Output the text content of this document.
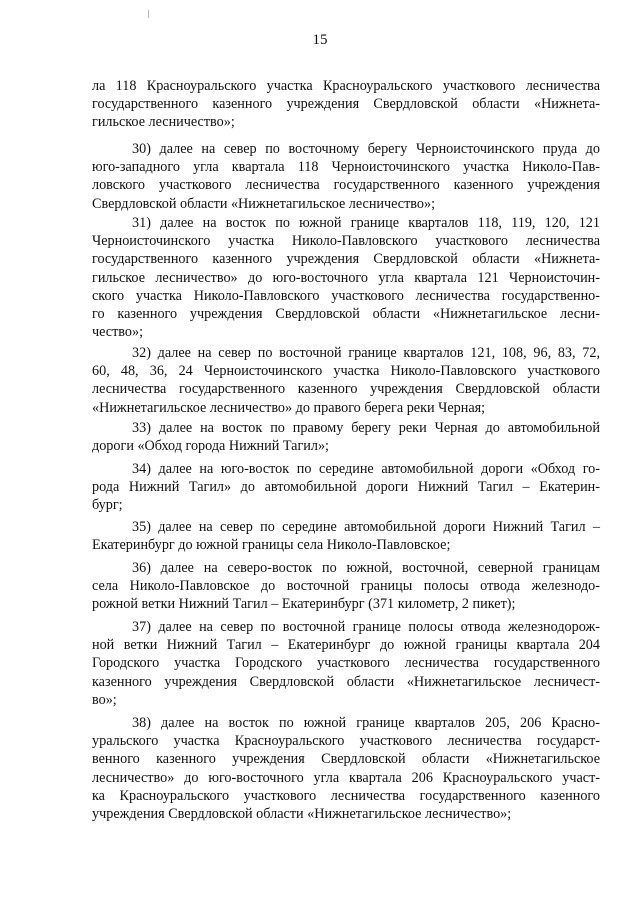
15
ла 118 Красноуральского участка Красноуральского участкового лесничества
государственного казенного учреждения Свердловской области «Нижнета-
гильское лесничество»;
30) далее на север по восточному берегу Черноисточинского пруда до
юго-западного угла квартала 118 Черноисточинского участка Николо-Пав-
ловского участкового лесничества государственного казенного учреждения
Свердловской области «Нижнетагильское лесничество»;
31) далее на восток по южной границе кварталов 118, 119, 120, 121
Черноисточинского участка Николо-Павловского участкового лесничества
государственного казенного учреждения Свердловской области «Нижнета-
гильское лесничество» до юго-восточного угла квартала 121 Черноисточин-
ского участка Николо-Павловского участкового лесничества государственно-
го казенного учреждения Свердловской области «Нижнетагильское лесни-
чество»;
32) далее на север по восточной границе кварталов 121, 108, 96, 83, 72,
60, 48, 36, 24 Черноисточинского участка Николо-Павловского участкового
лесничества государственного казенного учреждения Свердловской области
«Нижнетагильское лесничество» до правого берега реки Черная;
33) далее на восток по правому берегу реки Черная до автомобильной
дороги «Обход города Нижний Тагил»;
34) далее на юго-восток по середине автомобильной дороги «Обход го-
рода Нижний Тагил» до автомобильной дороги Нижний Тагил – Екатерин-
бург;
35) далее на север по середине автомобильной дороги Нижний Тагил –
Екатеринбург до южной границы села Николо-Павловское;
36) далее на северо-восток по южной, восточной, северной границам
села Николо-Павловское до восточной границы полосы отвода железнодо-
рожной ветки Нижний Тагил – Екатеринбург (371 километр, 2 пикет);
37) далее на север по восточной границе полосы отвода железнодорож-
ной ветки Нижний Тагил – Екатеринбург до южной границы квартала 204
Городского участка Городского участкового лесничества государственного
казенного учреждения Свердловской области «Нижнетагильское лесничест-
во»;
38) далее на восток по южной границе кварталов 205, 206 Красно-
уральского участка Красноуральского участкового лесничества государст-
венного казенного учреждения Свердловской области «Нижнетагильское
лесничество» до юго-восточного угла квартала 206 Красноуральского участ-
ка Красноуральского участкового лесничества государственного казенного
учреждения Свердловской области «Нижнетагильское лесничество»;
